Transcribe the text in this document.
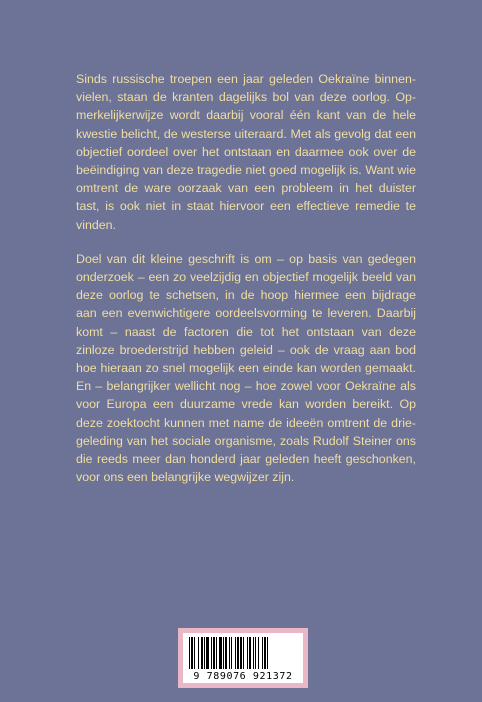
Sinds russische troepen een jaar geleden Oekraïne binnenvielen, staan de kranten dagelijks bol van deze oorlog. Opmerkelijkerwijze wordt daarbij vooral één kant van de hele kwestie belicht, de westerse uiteraard. Met als gevolg dat een objectief oordeel over het ontstaan en daarmee ook over de beëindiging van deze tragedie niet goed mogelijk is. Want wie omtrent de ware oorzaak van een probleem in het duister tast, is ook niet in staat hiervoor een effectieve remedie te vinden.

Doel van dit kleine geschrift is om – op basis van gedegen onderzoek – een zo veelzijdig en objectief mogelijk beeld van deze oorlog te schetsen, in de hoop hiermee een bijdrage aan een evenwichtigere oordeelsvorming te leveren. Daarbij komt – naast de factoren die tot het ontstaan van deze zinloze broederstrijd hebben geleid – ook de vraag aan bod hoe hieraan zo snel mogelijk een einde kan worden gemaakt. En – belangrijker wellicht nog – hoe zowel voor Oekraïne als voor Europa een duurzame vrede kan worden bereikt. Op deze zoektocht kunnen met name de ideeën omtrent de driegeleding van het sociale organisme, zoals Rudolf Steiner ons die reeds meer dan honderd jaar geleden heeft geschonken, voor ons een belangrijke wegwijzer zijn.

9 789076 921372
